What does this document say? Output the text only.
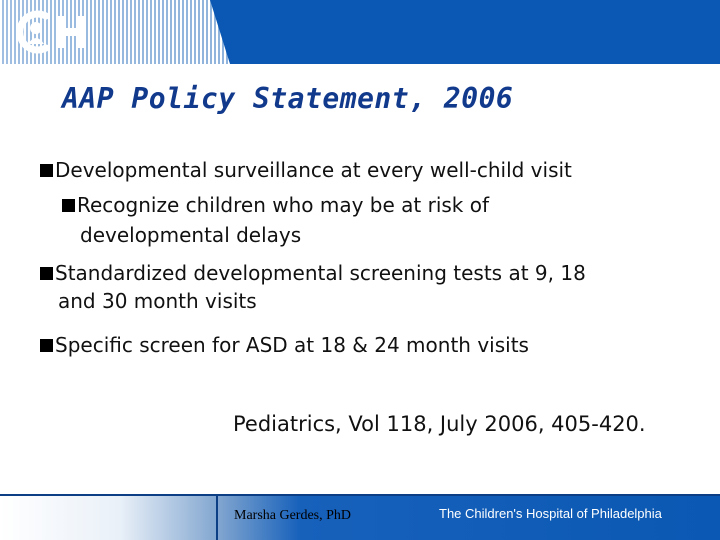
AAP Policy Statement, 2006
Developmental surveillance at every well-child visit
Recognize children who may be at risk of
developmental delays
Standardized developmental screening tests at 9, 18
and 30 month visits
Specific screen for ASD at 18 & 24 month visits
Pediatrics, Vol 118, July 2006, 405-420.
Marsha Gerdes, PhD	The Children's Hospital of Philadelphia
